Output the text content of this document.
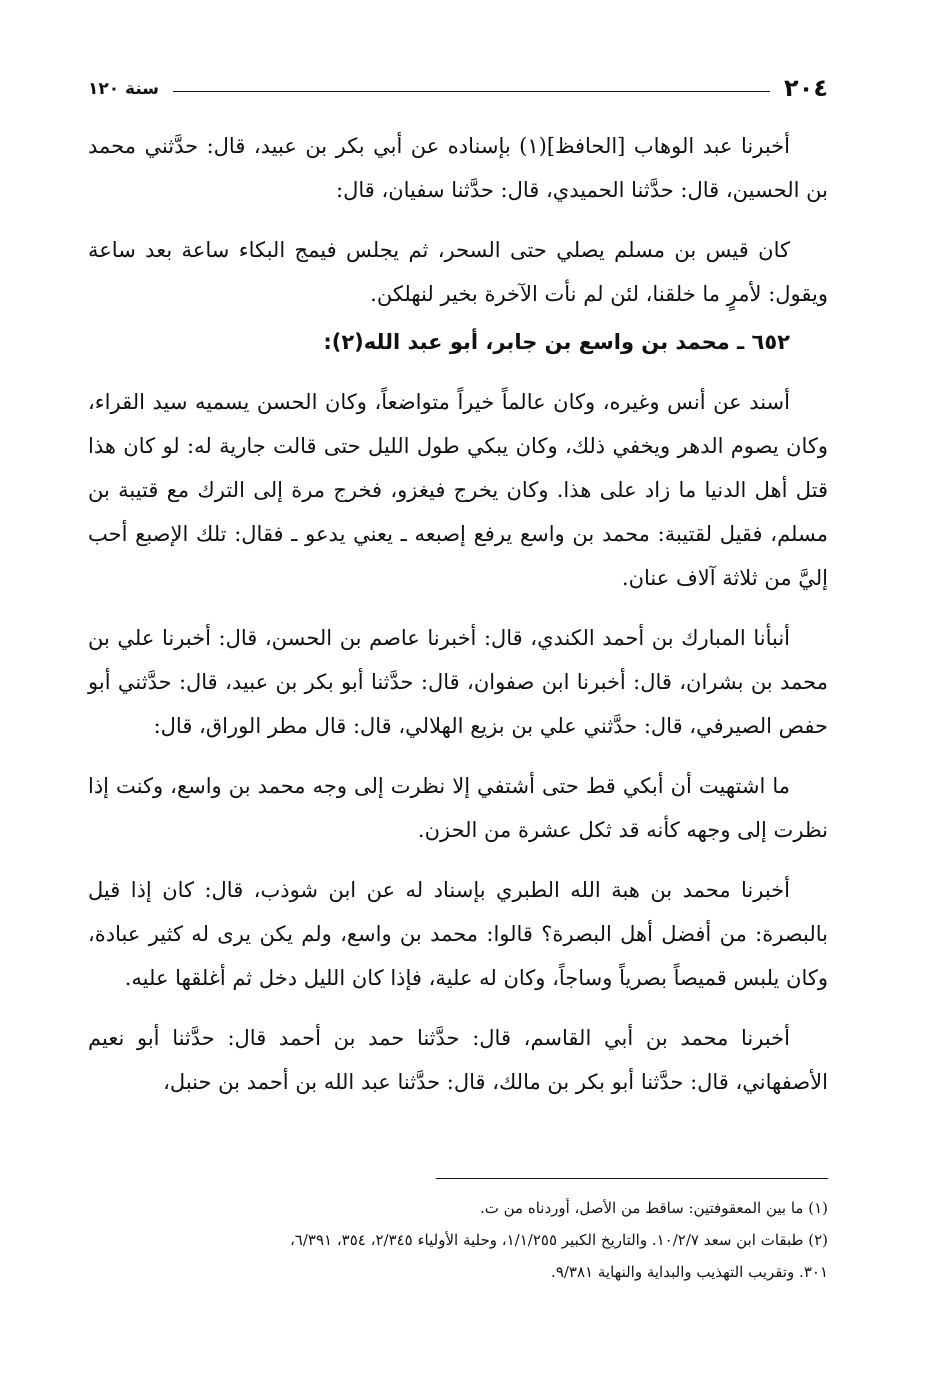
٢٠٤
سنة ١٢٠

أخبرنا عبد الوهاب [الحافظ](١) بإسناده عن أبي بكر بن عبيد، قال: حدَّثني محمد بن الحسين، قال: حدَّثنا الحميدي، قال: حدَّثنا سفيان، قال:

كان قيس بن مسلم يصلي حتى السحر، ثم يجلس فيمج البكاء ساعة بعد ساعة ويقول: لأمرٍ ما خلقنا، لئن لم نأت الآخرة بخير لنهلكن.

٦٥٢ ـ محمد بن واسع بن جابر، أبو عبد الله(٢):

أسند عن أنس وغيره، وكان عالماً خيراً متواضعاً، وكان الحسن يسميه سيد القراء، وكان يصوم الدهر ويخفي ذلك، وكان يبكي طول الليل حتى قالت جارية له: لو كان هذا قتل أهل الدنيا ما زاد على هذا. وكان يخرج فيغزو، فخرج مرة إلى الترك مع قتيبة بن مسلم، فقيل لقتيبة: محمد بن واسع يرفع إصبعه ـ يعني يدعو ـ فقال: تلك الإصبع أحب إليَّ من ثلاثة آلاف عنان.

أنبأنا المبارك بن أحمد الكندي، قال: أخبرنا عاصم بن الحسن، قال: أخبرنا علي بن محمد بن بشران، قال: أخبرنا ابن صفوان، قال: حدَّثنا أبو بكر بن عبيد، قال: حدَّثني أبو حفص الصيرفي، قال: حدَّثني علي بن بزيع الهلالي، قال: قال مطر الوراق، قال:

ما اشتهيت أن أبكي قط حتى أشتفي إلا نظرت إلى وجه محمد بن واسع، وكنت إذا نظرت إلى وجهه كأنه قد ثكل عشرة من الحزن.

أخبرنا محمد بن هبة الله الطبري بإسناد له عن ابن شوذب، قال: كان إذا قيل بالبصرة: من أفضل أهل البصرة؟ قالوا: محمد بن واسع، ولم يكن يرى له كثير عبادة، وكان يلبس قميصاً بصرياً وساجاً، وكان له علية، فإذا كان الليل دخل ثم أغلقها عليه.

أخبرنا محمد بن أبي القاسم، قال: حدَّثنا حمد بن أحمد قال: حدَّثنا أبو نعيم الأصفهاني، قال: حدَّثنا أبو بكر بن مالك، قال: حدَّثنا عبد الله بن أحمد بن حنبل،

(١) ما بين المعقوفتين: ساقط من الأصل، أوردناه من ت.

(٢) طبقات ابن سعد ١٠/٢/٧. والتاريخ الكبير ١/١/٢٥٥، وحلية الأولياء ٢/٣٤٥، ٣٥٤، ٦/٣٩١،

٣٠١. وتقريب التهذيب والبداية والنهاية ٩/٣٨١.
